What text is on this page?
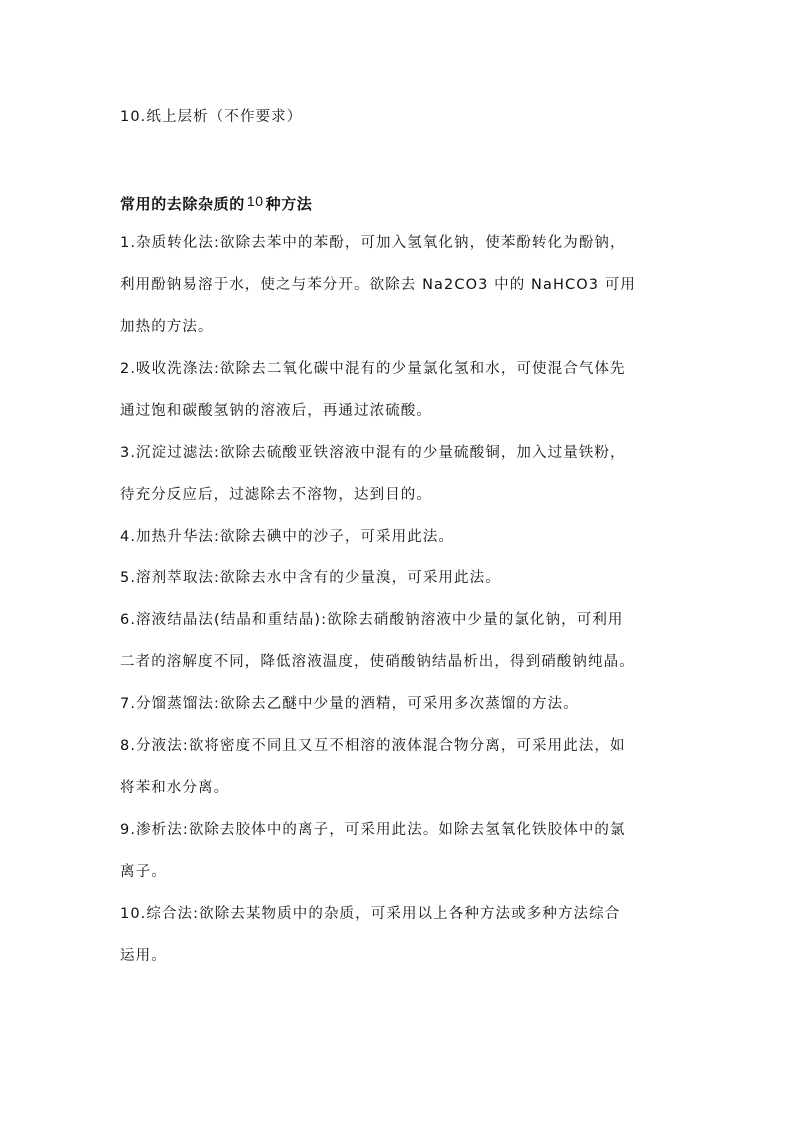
10.纸上层析（不作要求）
常用的去除杂质的 10 种方法
1.杂质转化法:欲除去苯中的苯酚，可加入氢氧化钠，使苯酚转化为酚钠，
利用酚钠易溶于水，使之与苯分开。欲除去 Na2CO3 中的 NaHCO3 可用
加热的方法。
2.吸收洗涤法:欲除去二氧化碳中混有的少量氯化氢和水，可使混合气体先
通过饱和碳酸氢钠的溶液后，再通过浓硫酸。
3.沉淀过滤法:欲除去硫酸亚铁溶液中混有的少量硫酸铜，加入过量铁粉，
待充分反应后，过滤除去不溶物，达到目的。
4.加热升华法:欲除去碘中的沙子，可采用此法。
5.溶剂萃取法:欲除去水中含有的少量溴，可采用此法。
6.溶液结晶法(结晶和重结晶):欲除去硝酸钠溶液中少量的氯化钠，可利用
二者的溶解度不同，降低溶液温度，使硝酸钠结晶析出，得到硝酸钠纯晶。
7.分馏蒸馏法:欲除去乙醚中少量的酒精，可采用多次蒸馏的方法。
8.分液法:欲将密度不同且又互不相溶的液体混合物分离，可采用此法，如
将苯和水分离。
9.渗析法:欲除去胶体中的离子，可采用此法。如除去氢氧化铁胶体中的氯
离子。
10.综合法:欲除去某物质中的杂质，可采用以上各种方法或多种方法综合
运用。
